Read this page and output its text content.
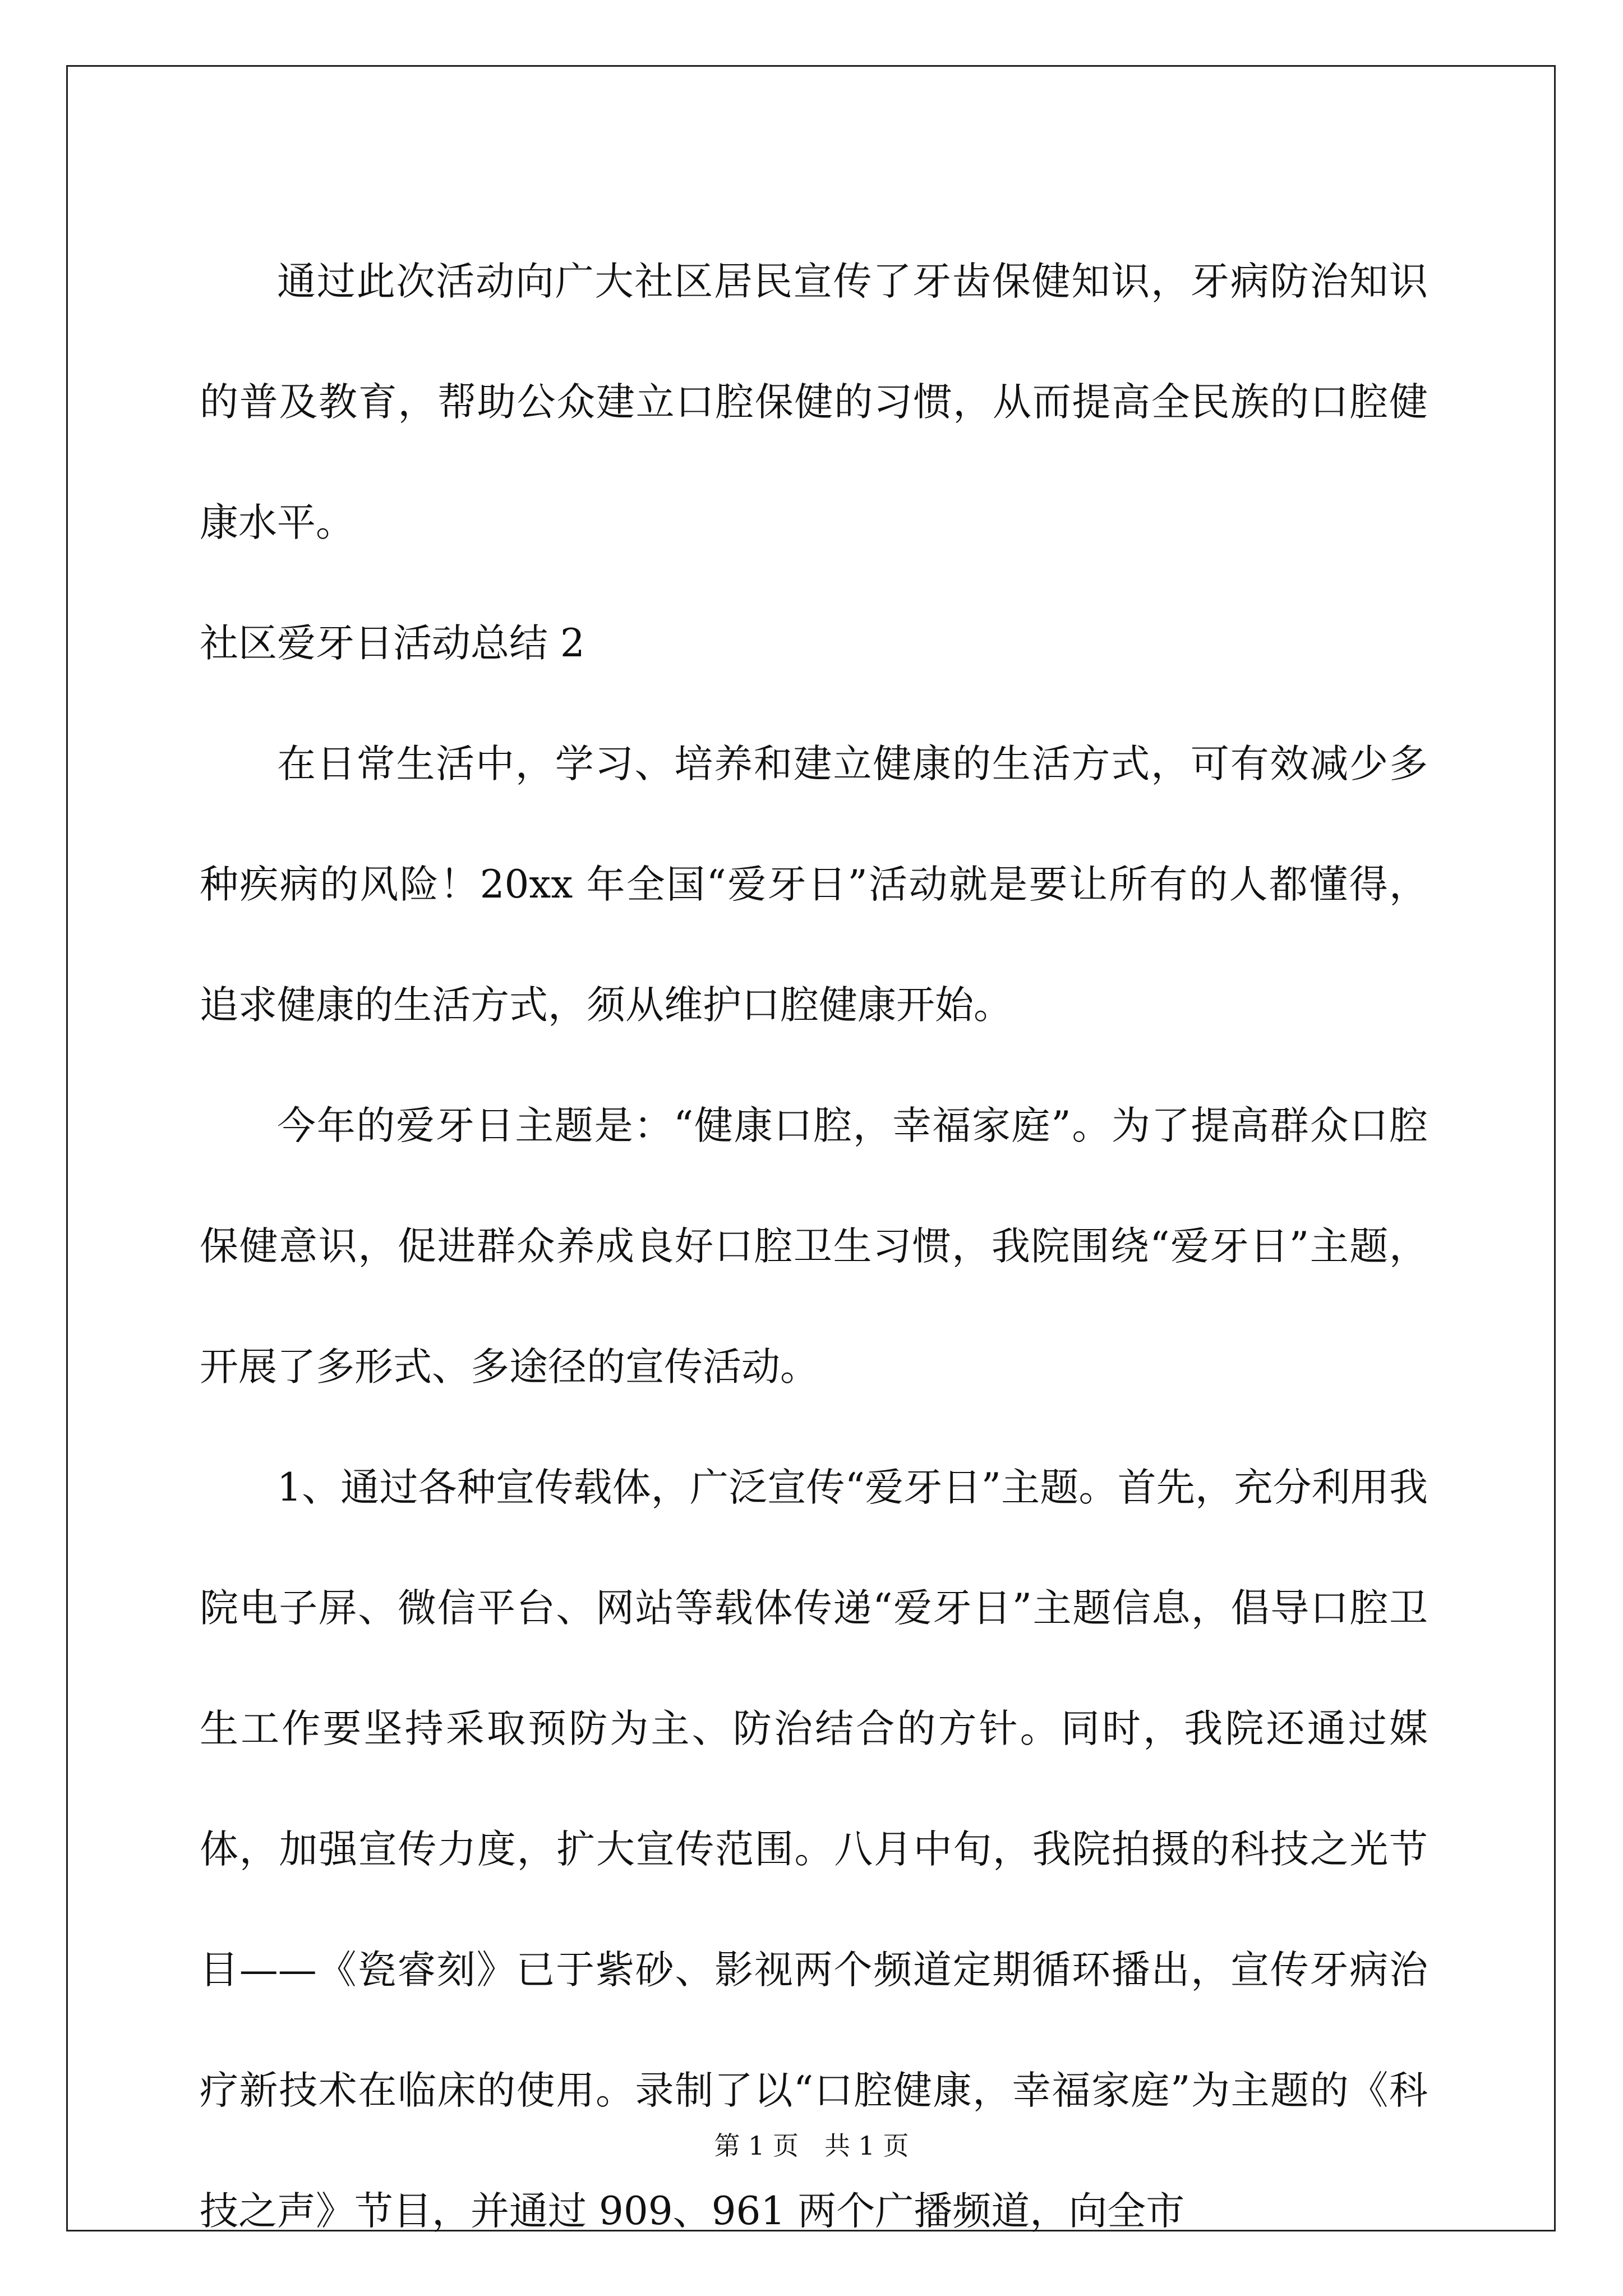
通过此次活动向广大社区居民宣传了牙齿保健知识，牙病防治知识的普及教育，帮助公众建立口腔保健的习惯，从而提高全民族的口腔健康水平。

社区爱牙日活动总结 2

在日常生活中，学习、培养和建立健康的生活方式，可有效减少多种疾病的风险！20xx 年全国“爱牙日”活动就是要让所有的人都懂得，追求健康的生活方式，须从维护口腔健康开始。

今年的爱牙日主题是：“健康口腔，幸福家庭”。为了提高群众口腔保健意识，促进群众养成良好口腔卫生习惯，我院围绕“爱牙日”主题，开展了多形式、多途径的宣传活动。

1、通过各种宣传载体，广泛宣传“爱牙日”主题。首先，充分利用我院电子屏、微信平台、网站等载体传递“爱牙日”主题信息，倡导口腔卫生工作要坚持采取预防为主、防治结合的方针。同时，我院还通过媒体，加强宣传力度，扩大宣传范围。八月中旬，我院拍摄的科技之光节目——《瓷睿刻》已于紫砂、影视两个频道定期循环播出，宣传牙病治疗新技术在临床的使用。录制了以“口腔健康，幸福家庭”为主题的《科技之声》节目，并通过 909、961 两个广播频道，向全市

第 1 页　共 1 页
